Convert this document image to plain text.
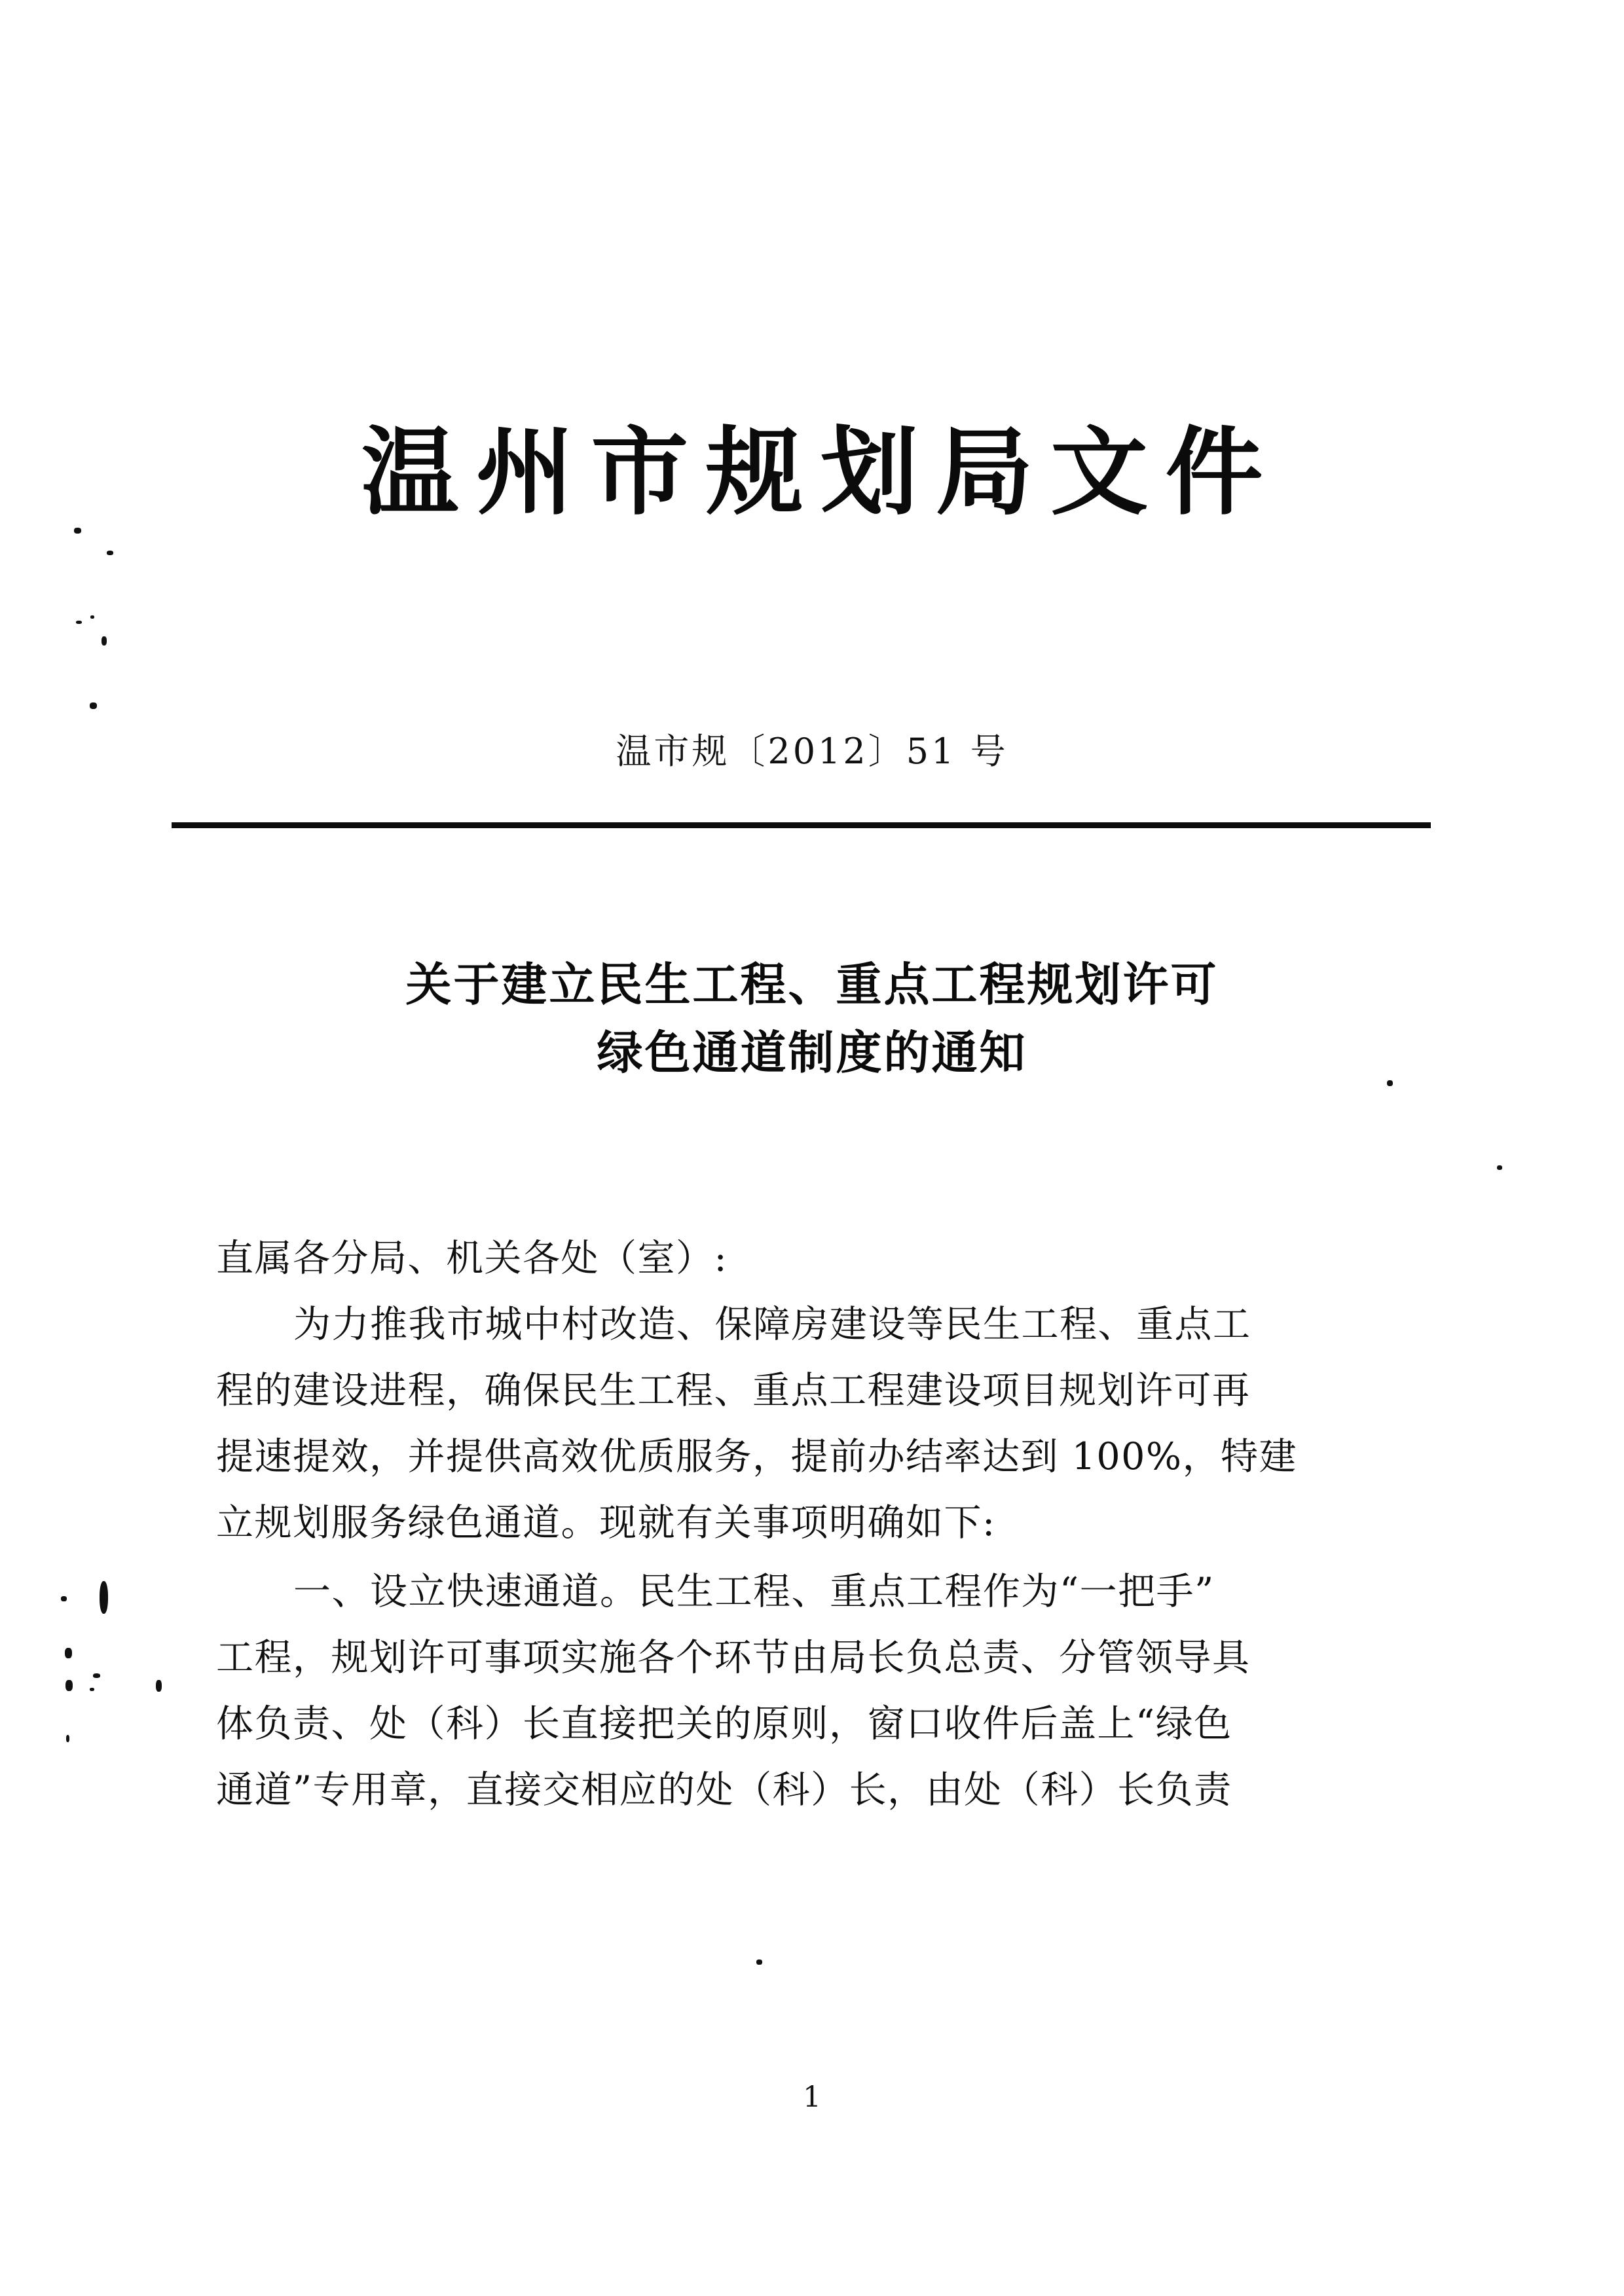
温州市规划局文件
温市规〔2012〕51 号
关于建立民生工程、重点工程规划许可
绿色通道制度的通知
直属各分局、机关各处（室）:
为力推我市城中村改造、保障房建设等民生工程、重点工
程的建设进程，确保民生工程、重点工程建设项目规划许可再
提速提效，并提供高效优质服务，提前办结率达到 100%，特建
立规划服务绿色通道。现就有关事项明确如下:
一、设立快速通道。民生工程、重点工程作为“一把手”
工程，规划许可事项实施各个环节由局长负总责、分管领导具
体负责、处（科）长直接把关的原则，窗口收件后盖上“绿色
通道”专用章，直接交相应的处（科）长，由处（科）长负责
1
